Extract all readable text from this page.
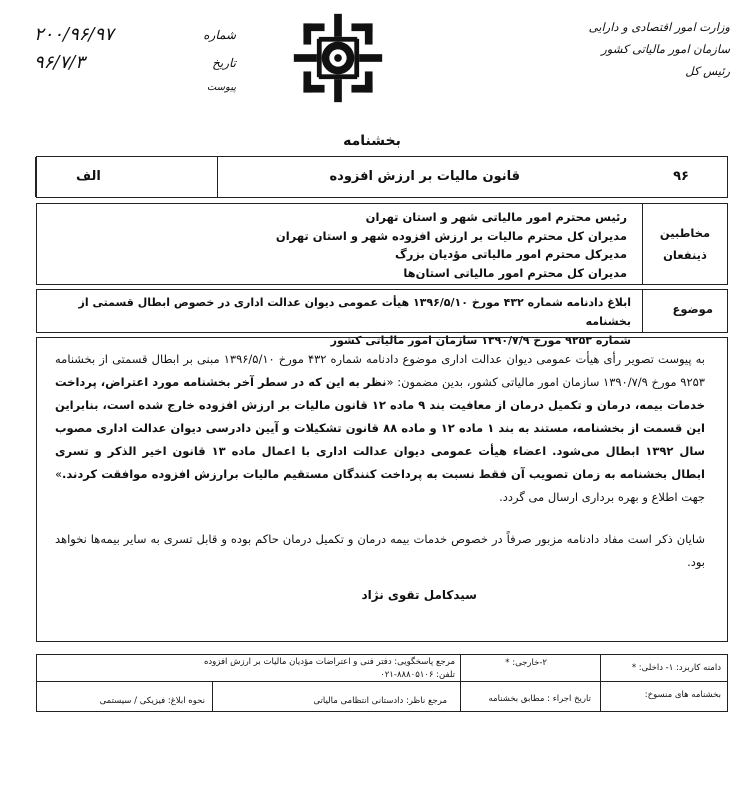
وزارت امور اقتصادی و دارایی
سازمان امور مالیاتی کشور
رئیس کل
شماره
۲۰۰/۹۶/۹۷
تاریخ
۹۶/۷/۳
پیوست
بخشنامه
۹۶
قانون مالیات بر ارزش افزوده
الف
مخاطبین
ذینفعان
رئیس محترم امور مالیاتی شهر و استان تهران
مدیران کل محترم مالیات بر ارزش افزوده شهر و استان تهران
مدیرکل محترم امور مالیاتی مؤدیان بزرگ
مدیران کل محترم امور مالیاتی استان‌ها
موضوع
ابلاغ دادنامه شماره ۴۳۲ مورخ ۱۳۹۶/۵/۱۰ هیأت عمومی دیوان عدالت اداری در خصوص ابطال قسمتی از بخشنامه
شماره ۹۲۵۳ مورخ ۱۳۹۰/۷/۹ سازمان امور مالیاتی کشور
به پیوست تصویر رأی هیأت عمومی دیوان عدالت اداری موضوع دادنامه شماره ۴۳۲ مورخ ۱۳۹۶/۵/۱۰ مبنی بر ابطال قسمتی از بخشنامه ۹۲۵۳ مورخ ۱۳۹۰/۷/۹ سازمان امور مالیاتی کشور، بدین مضمون: «نظر به این که در سطر آخر بخشنامه مورد اعتراض، پرداخت خدمات بیمه، درمان و تکمیل درمان از معافیت بند ۹ ماده ۱۲ قانون مالیات بر ارزش افزوده خارج شده است، بنابراین این قسمت از بخشنامه، مستند به بند ۱ ماده ۱۲ و ماده ۸۸ قانون تشکیلات و آیین دادرسی دیوان عدالت اداری مصوب سال ۱۳۹۲ ابطال می‌شود. اعضاء هیأت عمومی دیوان عدالت اداری با اعمال ماده ۱۳ قانون اخیر الذکر و تسری ابطال بخشنامه به زمان تصویب آن فقط نسبت به پرداخت کنندگان مستقیم مالیات برارزش افزوده موافقت کردند.» جهت اطلاع و بهره برداری ارسال می گردد.
شایان ذکر است مفاد دادنامه مزبور صرفاً در خصوص خدمات بیمه درمان و تکمیل درمان حاکم بوده و قابل تسری به سایر بیمه‌ها نخواهد بود.
سیدکامل تقوی نژاد
دامنه کاربرد: ۱- داخلی: *
۲-خارجی: *
مرجع پاسخگویی: دفتر فنی و اعتراضات مؤدیان مالیات بر ارزش افزوده
تلفن: ۸۸۸۰۵۱۰۶-۰۲۱
بخشنامه های منسوخ:
تاریخ اجراء : مطابق بخشنامه
مرجع ناظر: دادستانی انتظامی مالیاتی
نحوه ابلاغ: فیزیکی / سیستمی
